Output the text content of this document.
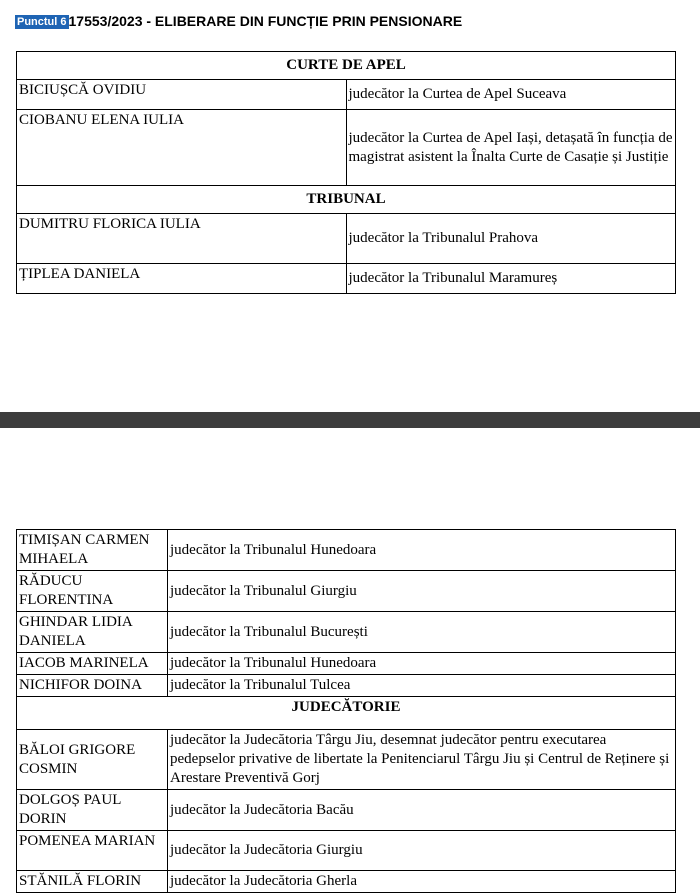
Punctul 6 17553/2023 - ELIBERARE DIN FUNCȚIE PRIN PENSIONARE
CURTE DE APEL	
BICIUȘCĂ OVIDIU	judecător la Curtea de Apel Suceava
CIOBANU ELENA IULIA	judecător la Curtea de Apel Iași, detașată în funcția de magistrat asistent la Înalta Curte de Casație și Justiție
TRIBUNAL	
DUMITRU FLORICA IULIA	judecător la Tribunalul Prahova
ȚIPLEA DANIELA	judecător la Tribunalul Maramureș
TIMIȘAN CARMEN MIHAELA	judecător la Tribunalul Hunedoara
RĂDUCU FLORENTINA	judecător la Tribunalul Giurgiu
GHINDAR LIDIA DANIELA	judecător la Tribunalul București
IACOB MARINELA	judecător la Tribunalul Hunedoara
NICHIFOR DOINA	judecător la Tribunalul Tulcea
JUDECĂTORIE	
BĂLOI GRIGORE COSMIN	judecător la Judecătoria Târgu Jiu, desemnat judecător pentru executarea pedepselor privative de libertate la Penitenciarul Târgu Jiu și Centrul de Reținere și Arestare Preventivă Gorj
DOLGOȘ PAUL DORIN	judecător la Judecătoria Bacău
POMENEA MARIAN	judecător la Judecătoria Giurgiu
STĂNILĂ FLORIN	judecător la Judecătoria Gherla
